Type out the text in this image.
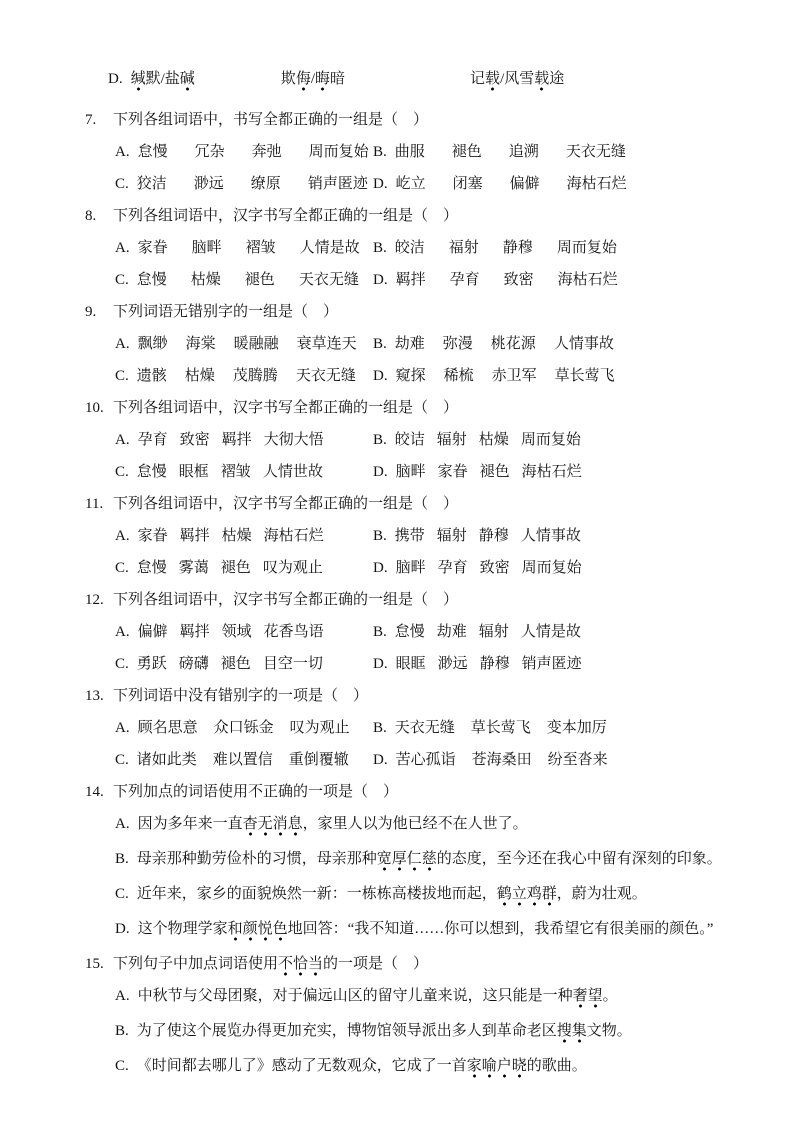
D. 缄默/盐碱	欺侮/晦暗	记载/风雪载途
7. 下列各组词语中，书写全都正确的一组是（　）
A. 怠慢 冗杂 奔弛 周而复始 B. 曲服 褪色 追溯 天衣无缝
C. 狡洁 渺远 缭原 销声匿迹 D. 屹立 闭塞 偏僻 海枯石烂
8. 下列各组词语中，汉字书写全都正确的一组是（　）
A. 家眷 脑畔 褶皱 人情是故 B. 皎洁 福射 静穆 周而复始
C. 怠慢 枯燥 褪色 天衣无缝 D. 羁拌 孕育 致密 海枯石烂
9. 下列词语无错别字的一组是（　）
A. 飘缈 海棠 暖融融 衰草连天	B. 劫难 弥漫 桃花源 人情事故
C. 遗骸 枯燥 茂腾腾 天衣无缝	D. 窥探 稀梳 赤卫军 草长莺飞
10. 下列各组词语中，汉字书写全都正确的一组是（　）
A. 孕育 致密 羁拌 大彻大悟	B. 皎诘 辐射 枯燥 周而复始
C. 怠慢 眼框 褶皱 人情世故	D. 脑畔 家眷 褪色 海枯石烂
11. 下列各组词语中，汉字书写全都正确的一组是（　）
A. 家眷 羁拌 枯燥 海枯石烂	B. 携带 辐射 静穆 人情事故
C. 怠慢 雾蔼 褪色 叹为观止	D. 脑畔 孕育 致密 周而复始
12. 下列各组词语中，汉字书写全都正确的一组是（　）
A. 偏僻 羁拌 领域 花香鸟语	B. 怠慢 劫难 辐射 人情是故
C. 勇跃 磅礴 褪色 目空一切	D. 眼眶 渺远 静穆 销声匿迹
13. 下列词语中没有错别字的一项是（　）
A. 顾名思意 众口铄金 叹为观止	B. 天衣无缝 草长莺飞 变本加厉
C. 诸如此类 难以置信 重倒覆辙	D. 苦心孤诣 苍海桑田 纷至沓来
14. 下列加点的词语使用不正确的一项是（　）
A. 因为多年来一直杳无消息，家里人以为他已经不在人世了。
B. 母亲那种勤劳俭朴的习惯，母亲那种宽厚仁慈的态度，至今还在我心中留有深刻的印象。
C. 近年来，家乡的面貌焕然一新：一栋栋高楼拔地而起，鹤立鸡群，蔚为壮观。
D. 这个物理学家和颜悦色地回答：“我不知道……你可以想到，我希望它有很美丽的颜色。”
15. 下列句子中加点词语使用不恰当的一项是（　）
A. 中秋节与父母团聚，对于偏远山区的留守儿童来说，这只能是一种奢望。
B. 为了使这个展览办得更加充实，博物馆领导派出多人到革命老区搜集文物。
C. 《时间都去哪儿了》感动了无数观众，它成了一首家喻户晓的歌曲。
